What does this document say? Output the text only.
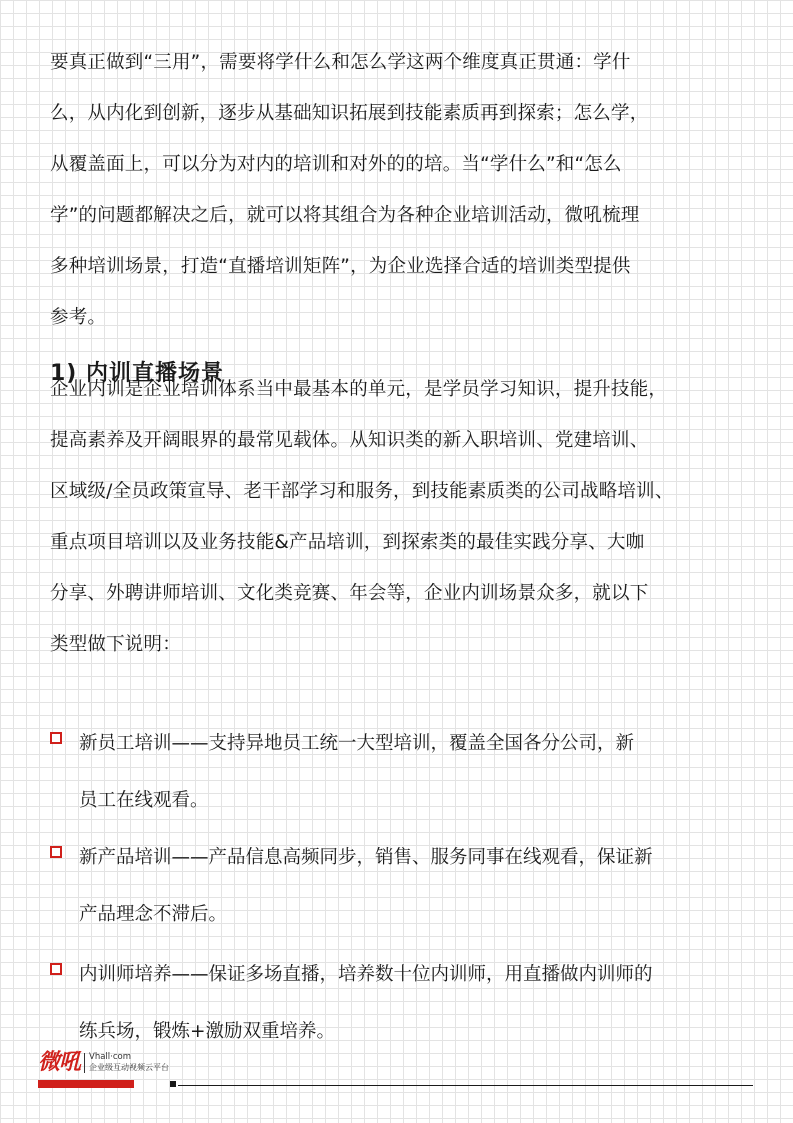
要真正做到“三用”，需要将学什么和怎么学这两个维度真正贯通：学什
么，从内化到创新，逐步从基础知识拓展到技能素质再到探索；怎么学，
从覆盖面上，可以分为对内的培训和对外的的培。当“学什么”和“怎么
学”的问题都解决之后，就可以将其组合为各种企业培训活动，微吼梳理
多种培训场景，打造“直播培训矩阵”，为企业选择合适的培训类型提供
参考。

1) 内训直播场景

企业内训是企业培训体系当中最基本的单元，是学员学习知识，提升技能，
提高素养及开阔眼界的最常见载体。从知识类的新入职培训、党建培训、
区域级/全员政策宣导、老干部学习和服务，到技能素质类的公司战略培训、
重点项目培训以及业务技能&产品培训，到探索类的最佳实践分享、大咖
分享、外聘讲师培训、文化类竞赛、年会等，企业内训场景众多，就以下
类型做下说明：

新员工培训——支持异地员工统一大型培训，覆盖全国各分公司，新
员工在线观看。

新产品培训——产品信息高频同步，销售、服务同事在线观看，保证新
产品理念不滞后。

内训师培养——保证多场直播，培养数十位内训师，用直播做内训师的
练兵场，锻炼+激励双重培养。

微吼 Vhall·com
企业级互动视频云平台
